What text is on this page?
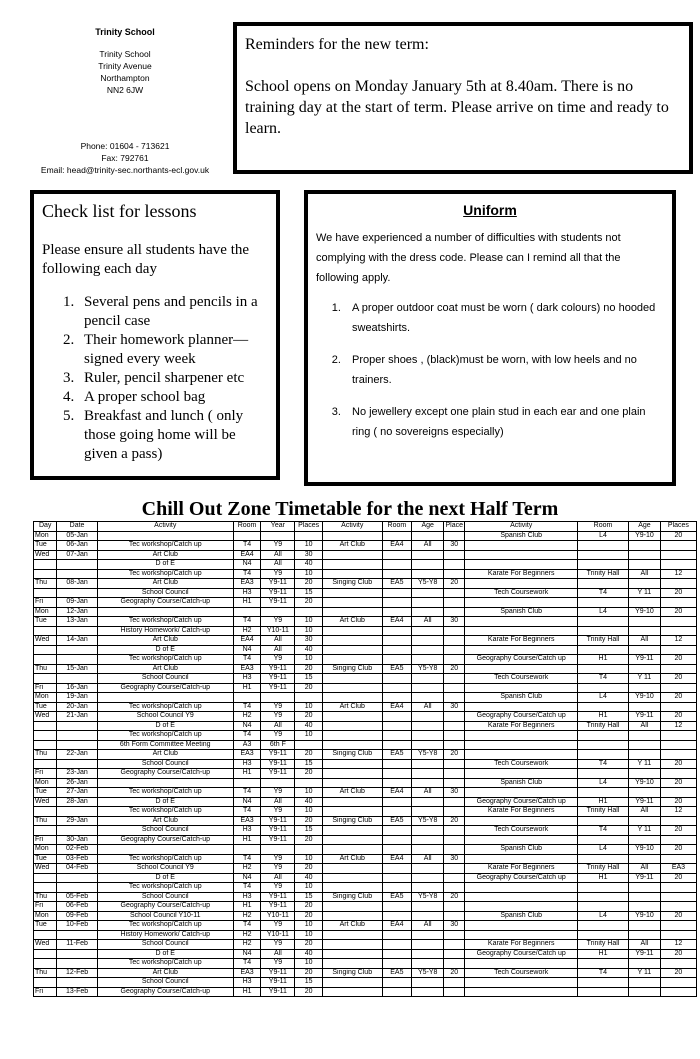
Trinity School
Trinity School
Trinity Avenue
Northampton
NN2 6JW
Phone: 01604 - 713621
Fax: 792761
Email: head@trinity-sec.northants-ecl.gov.uk

Reminders for the new term:

School opens on Monday January 5th at 8.40am. There is no training day at the start of term. Please arrive on time and ready to learn.

Check list for lessons
Please ensure all students have the following each day
1. Several pens and pencils in a pencil case
2. Their homework planner—signed every week
3. Ruler, pencil sharpener etc
4. A proper school bag
5. Breakfast and lunch ( only those going home will be given a pass)
Uniform
We have experienced a number of difficulties with students not complying with the dress code. Please can I remind all that the following apply.
1. A proper outdoor coat must be worn ( dark colours) no hooded sweatshirts.
2. Proper shoes , (black)must be worn, with low heels and no trainers.
3. No jewellery except one plain stud in each ear and one plain ring ( no sovereigns especially)
Chill Out Zone Timetable for the next Half Term
Day	Date	Activity	Room	Year	Places	Activity	Room	Age	Place	Activity	Room	Age	Places
Mon	05-Jan									Spanish Club	L4	Y9-10	20
Tue	06-Jan	Tec workshop/Catch up	T4	Y9	10	Art Club	EA4	All	30				
Wed	07-Jan	Art Club	EA4	All	30								
		D of E	N4	All	40								
		Tec workshop/Catch up	T4	Y9	10					Karate For Beginners	Trinity Hall	All	12
Thu	08-Jan	Art Club	EA3	Y9-11	20	Singing Club	EA5	Y5-Y8	20				
		School Council	H3	Y9-11	15					Tech Coursework	T4	Y 11	20
Fri	09-Jan	Geography Course/Catch-up	H1	Y9-11	20								
Mon	12-Jan									Spanish Club	L4	Y9-10	20
Tue	13-Jan	Tec workshop/Catch up	T4	Y9	10	Art Club	EA4	All	30				
		History Homework/ Catch-up	H2	Y10-11	10								
Wed	14-Jan	Art Club	EA4	All	30					Karate For Beginners	Trinity Hall	All	12
		D of E	N4	All	40								
		Tec workshop/Catch up	T4	Y9	10					Geography Course/Catch up	H1	Y9-11	20
Thu	15-Jan	Art Club	EA3	Y9-11	20	Singing Club	EA5	Y5-Y8	20				
		School Council	H3	Y9-11	15					Tech Coursework	T4	Y 11	20
Fri	16-Jan	Geography Course/Catch-up	H1	Y9-11	20								
Mon	19-Jan									Spanish Club	L4	Y9-10	20
Tue	20-Jan	Tec workshop/Catch up	T4	Y9	10	Art Club	EA4	All	30				
Wed	21-Jan	School Council Y9	H2	Y9	20					Geography Course/Catch up	H1	Y9-11	20
		D of E	N4	All	40					Karate For Beginners	Trinity Hall	All	12
		Tec workshop/Catch up	T4	Y9	10								
		6th Form Committee Meeting	A3	6th F									
Thu	22-Jan	Art Club	EA3	Y9-11	20	Singing Club	EA5	Y5-Y8	20				
		School Council	H3	Y9-11	15					Tech Coursework	T4	Y 11	20
Fri	23-Jan	Geography Course/Catch-up	H1	Y9-11	20								
Mon	26-Jan									Spanish Club	L4	Y9-10	20
Tue	27-Jan	Tec workshop/Catch up	T4	Y9	10	Art Club	EA4	All	30				
Wed	28-Jan	D of E	N4	All	40					Geography Course/Catch up	H1	Y9-11	20
		Tec workshop/Catch up	T4	Y9	10					Karate For Beginners	Trinity Hall	All	12
Thu	29-Jan	Art Club	EA3	Y9-11	20	Singing Club	EA5	Y5-Y8	20				
		School Council	H3	Y9-11	15					Tech Coursework	T4	Y 11	20
Fri	30-Jan	Geography Course/Catch-up	H1	Y9-11	20								
Mon	02-Feb									Spanish Club	L4	Y9-10	20
Tue	03-Feb	Tec workshop/Catch up	T4	Y9	10	Art Club	EA4	All	30				
Wed	04-Feb	School Council Y9	H2	Y9	20					Karate For Beginners	Trinity Hall	All	EA3
		D of E	N4	All	40					Geography Course/Catch up	H1	Y9-11	20
		Tec workshop/Catch up	T4	Y9	10								
Thu	05-Feb	School Council	H3	Y9-11	15	Singing Club	EA5	Y5-Y8	20				
Fri	06-Feb	Geography Course/Catch-up	H1	Y9-11	20								
Mon	09-Feb	School Council Y10-11	H2	Y10-11	20					Spanish Club	L4	Y9-10	20
Tue	10-Feb	Tec workshop/Catch up	T4	Y9	10	Art Club	EA4	All	30				
		History Homework/ Catch-up	H2	Y10-11	10								
Wed	11-Feb	School Council	H2	Y9	20					Karate For Beginners	Trinity Hall	All	12
		D of E	N4	All	40					Geography Course/Catch up	H1	Y9-11	20
		Tec workshop/Catch up	T4	Y9	10								
Thu	12-Feb	Art Club	EA3	Y9-11	20	Singing Club	EA5	Y5-Y8	20	Tech Coursework	T4	Y 11	20
		School Council	H3	Y9-11	15								
Fri	13-Feb	Geography Course/Catch-up	H1	Y9-11	20								
